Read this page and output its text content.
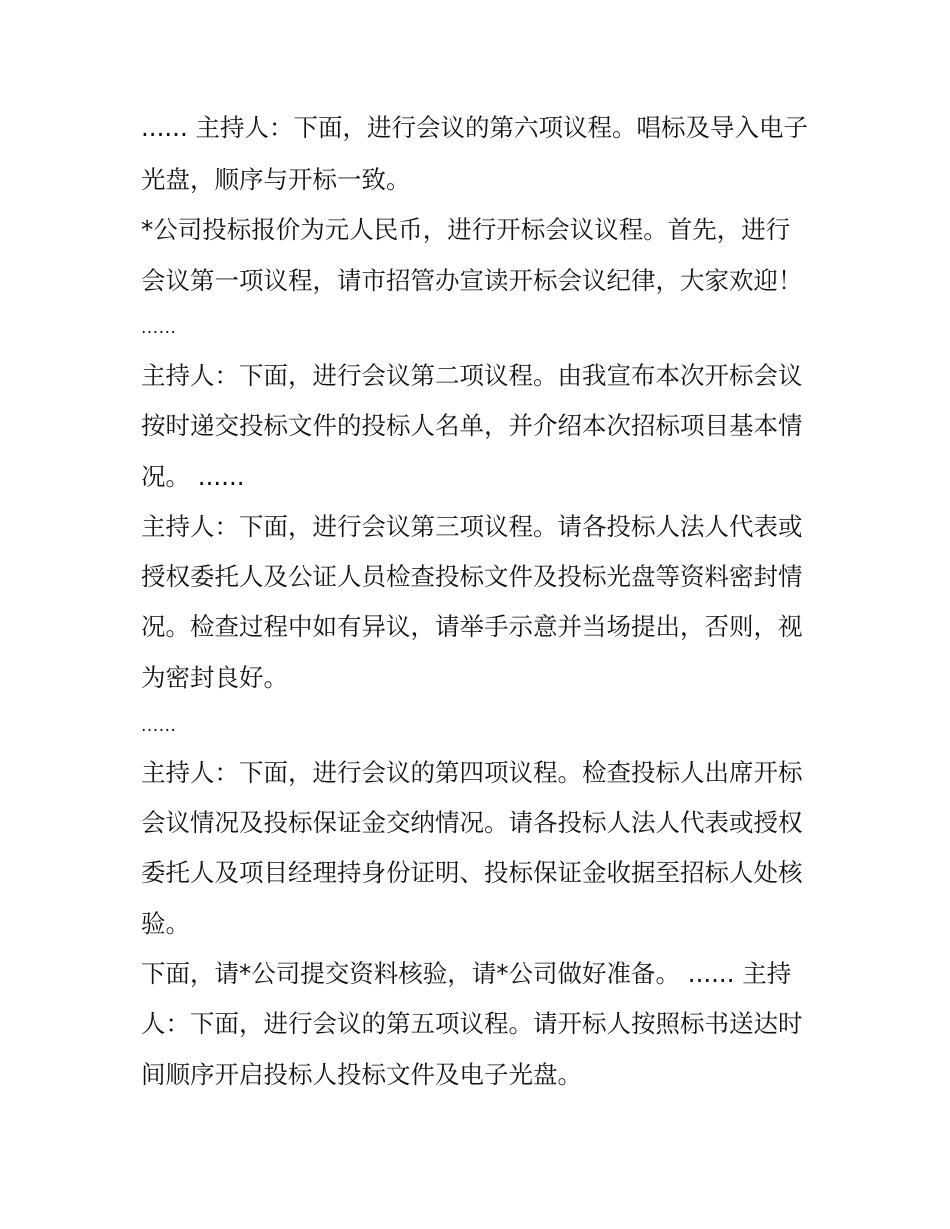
...... 主持人：下面，进行会议的第六项议程。唱标及导入电子

光盘，顺序与开标一致。

*公司投标报价为元人民币，进行开标会议议程。首先，进行

会议第一项议程，请市招管办宣读开标会议纪律，大家欢迎！

......

主持人：下面，进行会议第二项议程。由我宣布本次开标会议

按时递交投标文件的投标人名单，并介绍本次招标项目基本情

况。 ......

主持人：下面，进行会议第三项议程。请各投标人法人代表或

授权委托人及公证人员检查投标文件及投标光盘等资料密封情

况。检查过程中如有异议，请举手示意并当场提出，否则，视

为密封良好。

......

主持人：下面，进行会议的第四项议程。检查投标人出席开标

会议情况及投标保证金交纳情况。请各投标人法人代表或授权

委托人及项目经理持身份证明、投标保证金收据至招标人处核

验。

下面，请*公司提交资料核验，请*公司做好准备。 ...... 主持

人：下面，进行会议的第五项议程。请开标人按照标书送达时

间顺序开启投标人投标文件及电子光盘。
